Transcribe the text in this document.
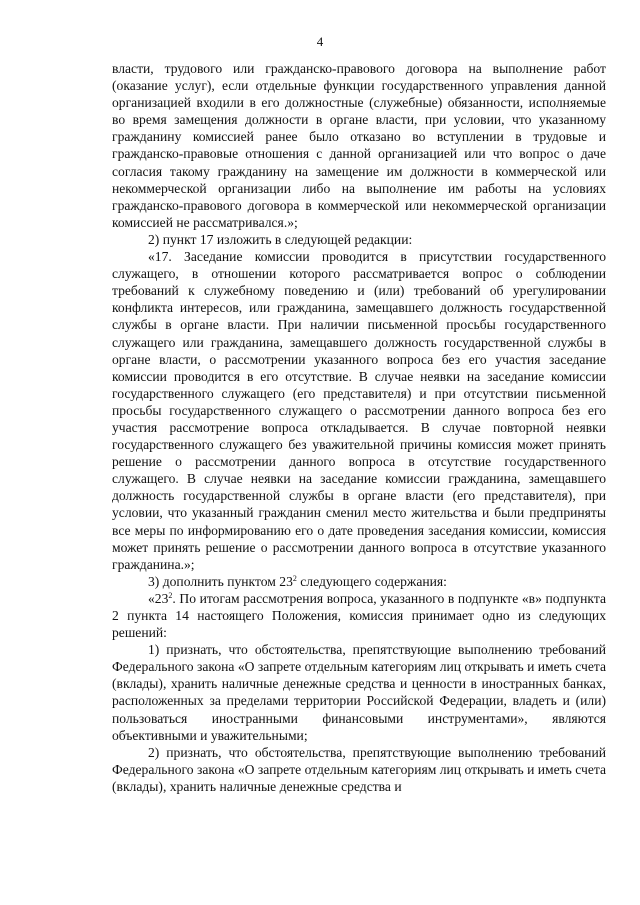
4

власти, трудового или гражданско-правового договора на выполнение работ (оказание услуг), если отдельные функции государственного управления данной организацией входили в его должностные (служебные) обязанности, исполняемые во время замещения должности в органе власти, при условии, что указанному гражданину комиссией ранее было отказано во вступлении в трудовые и гражданско-правовые отношения с данной организацией или что вопрос о даче согласия такому гражданину на замещение им должности в коммерческой или некоммерческой организации либо на выполнение им работы на условиях гражданско-правового договора в коммерческой или некоммерческой организации комиссией не рассматривался.»;

2) пункт 17 изложить в следующей редакции:

«17. Заседание комиссии проводится в присутствии государственного служащего, в отношении которого рассматривается вопрос о соблюдении требований к служебному поведению и (или) требований об урегулировании конфликта интересов, или гражданина, замещавшего должность государственной службы в органе власти. При наличии письменной просьбы государственного служащего или гражданина, замещавшего должность государственной службы в органе власти, о рассмотрении указанного вопроса без его участия заседание комиссии проводится в его отсутствие. В случае неявки на заседание комиссии государственного служащего (его представителя) и при отсутствии письменной просьбы государственного служащего о рассмотрении данного вопроса без его участия рассмотрение вопроса откладывается. В случае повторной неявки государственного служащего без уважительной причины комиссия может принять решение о рассмотрении данного вопроса в отсутствие государственного служащего. В случае неявки на заседание комиссии гражданина, замещавшего должность государственной службы в органе власти (его представителя), при условии, что указанный гражданин сменил место жительства и были предприняты все меры по информированию его о дате проведения заседания комиссии, комиссия может принять решение о рассмотрении данного вопроса в отсутствие указанного гражданина.»;

3) дополнить пунктом $23^2$ следующего содержания:

«$23^2$. По итогам рассмотрения вопроса, указанного в подпункте «в» подпункта 2 пункта 14 настоящего Положения, комиссия принимает одно из следующих решений:

1) признать, что обстоятельства, препятствующие выполнению требований Федерального закона «О запрете отдельным категориям лиц открывать и иметь счета (вклады), хранить наличные денежные средства и ценности в иностранных банках, расположенных за пределами территории Российской Федерации, владеть и (или) пользоваться иностранными финансовыми инструментами», являются объективными и уважительными;

2) признать, что обстоятельства, препятствующие выполнению требований Федерального закона «О запрете отдельным категориям лиц открывать и иметь счета (вклады), хранить наличные денежные средства и
